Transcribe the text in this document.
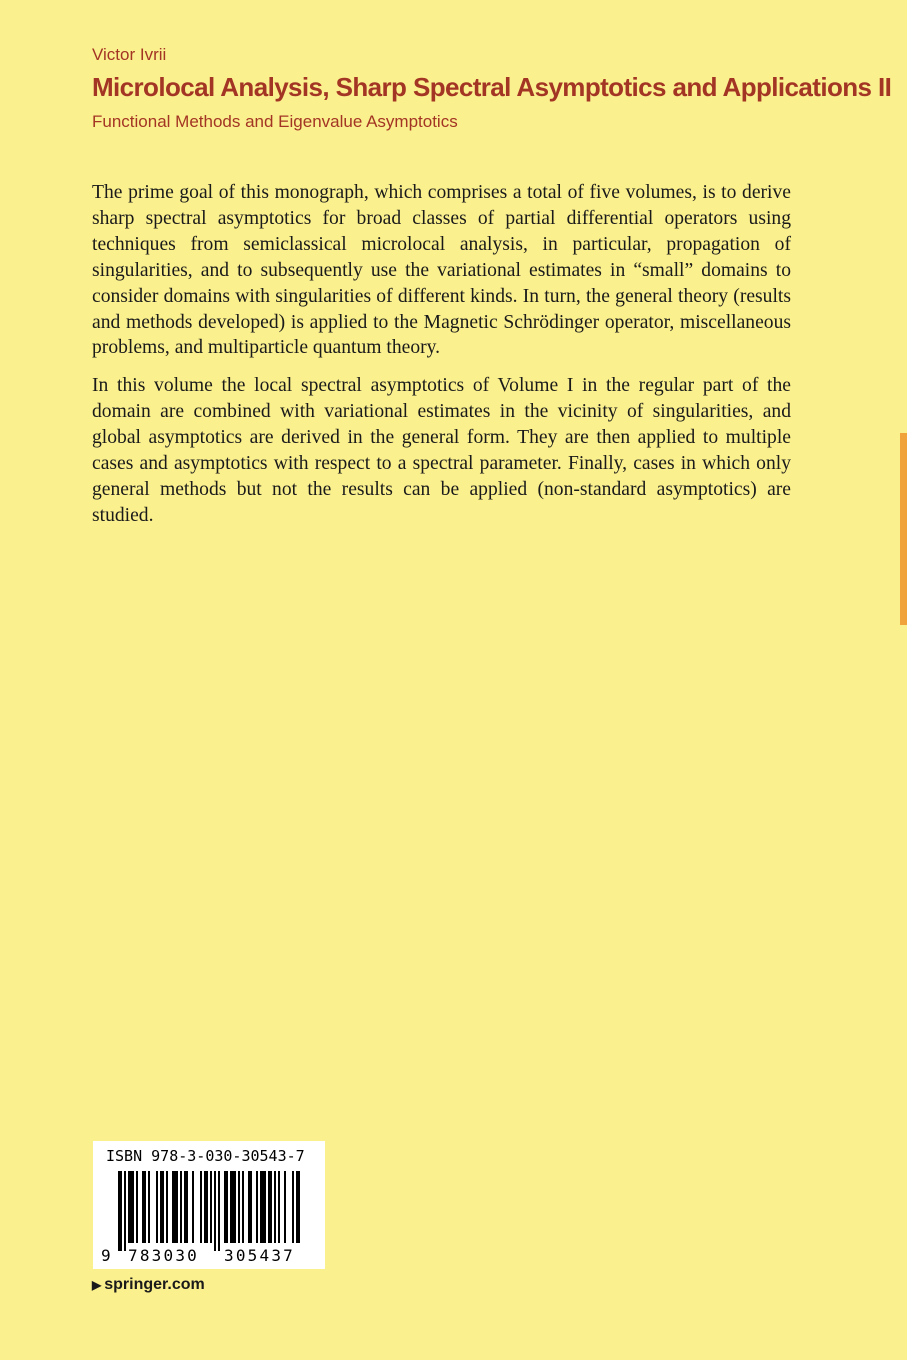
Victor Ivrii
Microlocal Analysis, Sharp Spectral Asymptotics and Applications II
Functional Methods and Eigenvalue Asymptotics

The prime goal of this monograph, which comprises a total of five volumes, is to derive sharp spectral asymptotics for broad classes of partial differential operators using techniques from semiclassical microlocal analysis, in particular, propagation of singularities, and to subsequently use the variational estimates in “small” domains to consider domains with singularities of different kinds. In turn, the general theory (results and methods developed) is applied to the Magnetic Schrödinger operator, miscellaneous problems, and multiparticle quantum theory.

In this volume the local spectral asymptotics of Volume I in the regular part of the domain are combined with variational estimates in the vicinity of singularities, and global asymptotics are derived in the general form. They are then applied to multiple cases and asymptotics with respect to a spectral parameter. Finally, cases in which only general methods but not the results can be applied (non-standard asymptotics) are studied.

ISBN 978-3-030-30543-7
9 783030 305437
▶ springer.com
